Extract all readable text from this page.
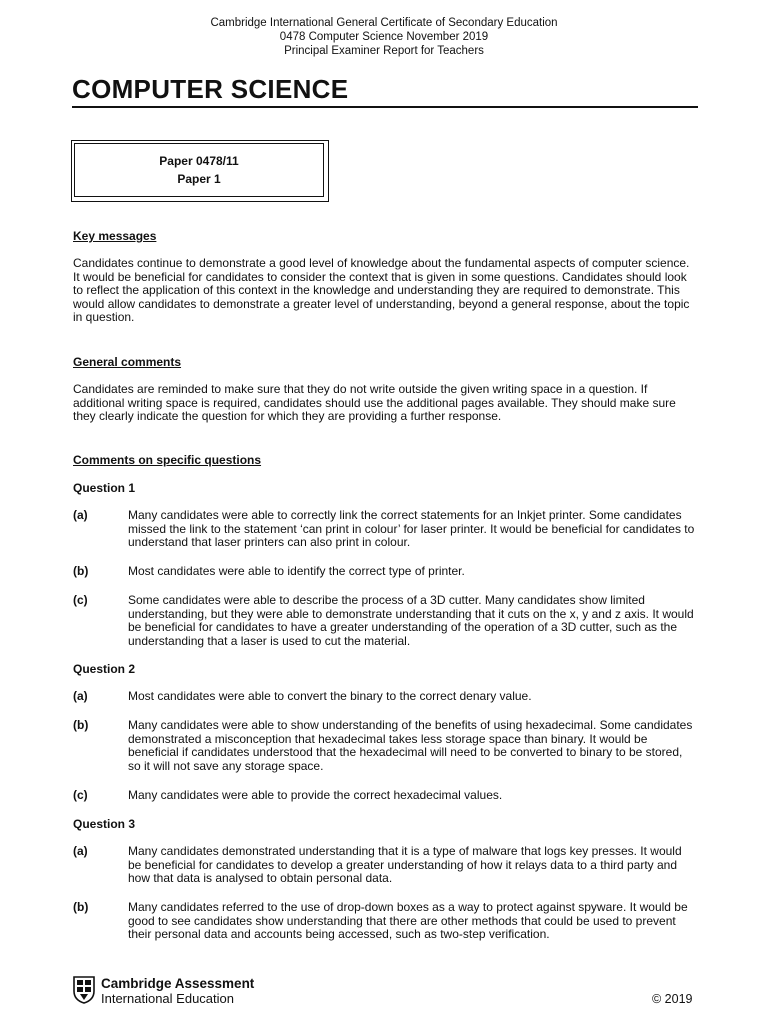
Cambridge International General Certificate of Secondary Education
0478 Computer Science November 2019
Principal Examiner Report for Teachers
COMPUTER SCIENCE
Paper 0478/11
Paper 1
Key messages
Candidates continue to demonstrate a good level of knowledge about the fundamental aspects of computer science. It would be beneficial for candidates to consider the context that is given in some questions. Candidates should look to reflect the application of this context in the knowledge and understanding they are required to demonstrate. This would allow candidates to demonstrate a greater level of understanding, beyond a general response, about the topic in question.
General comments
Candidates are reminded to make sure that they do not write outside the given writing space in a question. If additional writing space is required, candidates should use the additional pages available. They should make sure they clearly indicate the question for which they are providing a further response.
Comments on specific questions
Question 1
(a)	Many candidates were able to correctly link the correct statements for an Inkjet printer. Some candidates missed the link to the statement ‘can print in colour’ for laser printer. It would be beneficial for candidates to understand that laser printers can also print in colour.
(b)	Most candidates were able to identify the correct type of printer.
(c)	Some candidates were able to describe the process of a 3D cutter. Many candidates show limited understanding, but they were able to demonstrate understanding that it cuts on the x, y and z axis. It would be beneficial for candidates to have a greater understanding of the operation of a 3D cutter, such as the understanding that a laser is used to cut the material.
Question 2
(a)	Most candidates were able to convert the binary to the correct denary value.
(b)	Many candidates were able to show understanding of the benefits of using hexadecimal. Some candidates demonstrated a misconception that hexadecimal takes less storage space than binary. It would be beneficial if candidates understood that the hexadecimal will need to be converted to binary to be stored, so it will not save any storage space.
(c)	Many candidates were able to provide the correct hexadecimal values.
Question 3
(a)	Many candidates demonstrated understanding that it is a type of malware that logs key presses. It would be beneficial for candidates to develop a greater understanding of how it relays data to a third party and how that data is analysed to obtain personal data.
(b)	Many candidates referred to the use of drop-down boxes as a way to protect against spyware. It would be good to see candidates show understanding that there are other methods that could be used to prevent their personal data and accounts being accessed, such as two-step verification.
Cambridge Assessment
International Education	© 2019
